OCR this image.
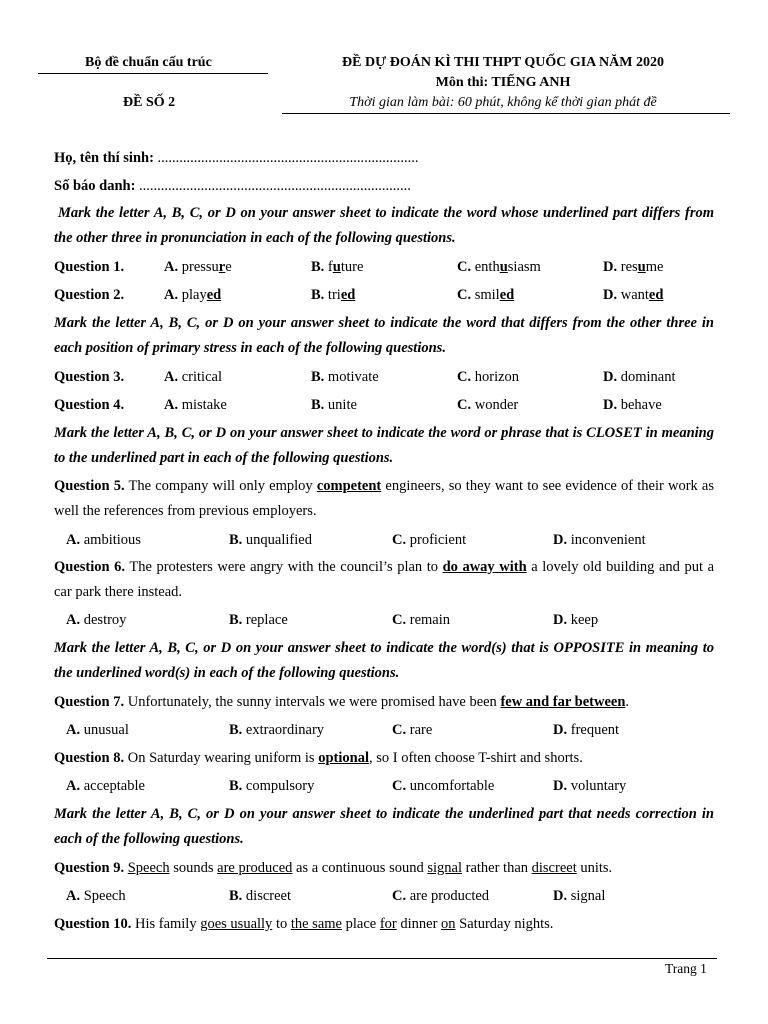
Bộ đề chuẩn cấu trúc
ĐỀ SỐ 2
ĐỀ DỰ ĐOÁN KÌ THI THPT QUỐC GIA NĂM 2020
Môn thi: TIẾNG ANH
Thời gian làm bài: 60 phút, không kể thời gian phát đề
Họ, tên thí sinh: ........................................................................
Số báo danh: ...........................................................................
Mark the letter A, B, C, or D on your answer sheet to indicate the word whose underlined part differs from the other three in pronunciation in each of the following questions.
Question 1.	A. pressure	B. future	C. enthusiasm	D. resume
Question 2.	A. played	B. tried	C. smiled	D. wanted
Mark the letter A, B, C, or D on your answer sheet to indicate the word that differs from the other three in each position of primary stress in each of the following questions.
Question 3.	A. critical	B. motivate	C. horizon	D. dominant
Question 4.	A. mistake	B. unite	C. wonder	D. behave
Mark the letter A, B, C, or D on your answer sheet to indicate the word or phrase that is CLOSET in meaning to the underlined part in each of the following questions.
Question 5. The company will only employ competent engineers, so they want to see evidence of their work as well the references from previous employers.
A. ambitious	B. unqualified	C. proficient	D. inconvenient
Question 6. The protesters were angry with the council’s plan to do away with a lovely old building and put a car park there instead.
A. destroy	B. replace	C. remain	D. keep
Mark the letter A, B, C, or D on your answer sheet to indicate the word(s) that is OPPOSITE in meaning to the underlined word(s) in each of the following questions.
Question 7. Unfortunately, the sunny intervals we were promised have been few and far between.
A. unusual	B. extraordinary	C. rare	D. frequent
Question 8. On Saturday wearing uniform is optional, so I often choose T-shirt and shorts.
A. acceptable	B. compulsory	C. uncomfortable	D. voluntary
Mark the letter A, B, C, or D on your answer sheet to indicate the underlined part that needs correction in each of the following questions.
Question 9. Speech sounds are produced as a continuous sound signal rather than discreet units.
A. Speech	B. discreet	C. are producted	D. signal
Question 10. His family goes usually to the same place for dinner on Saturday nights.
Trang 1
